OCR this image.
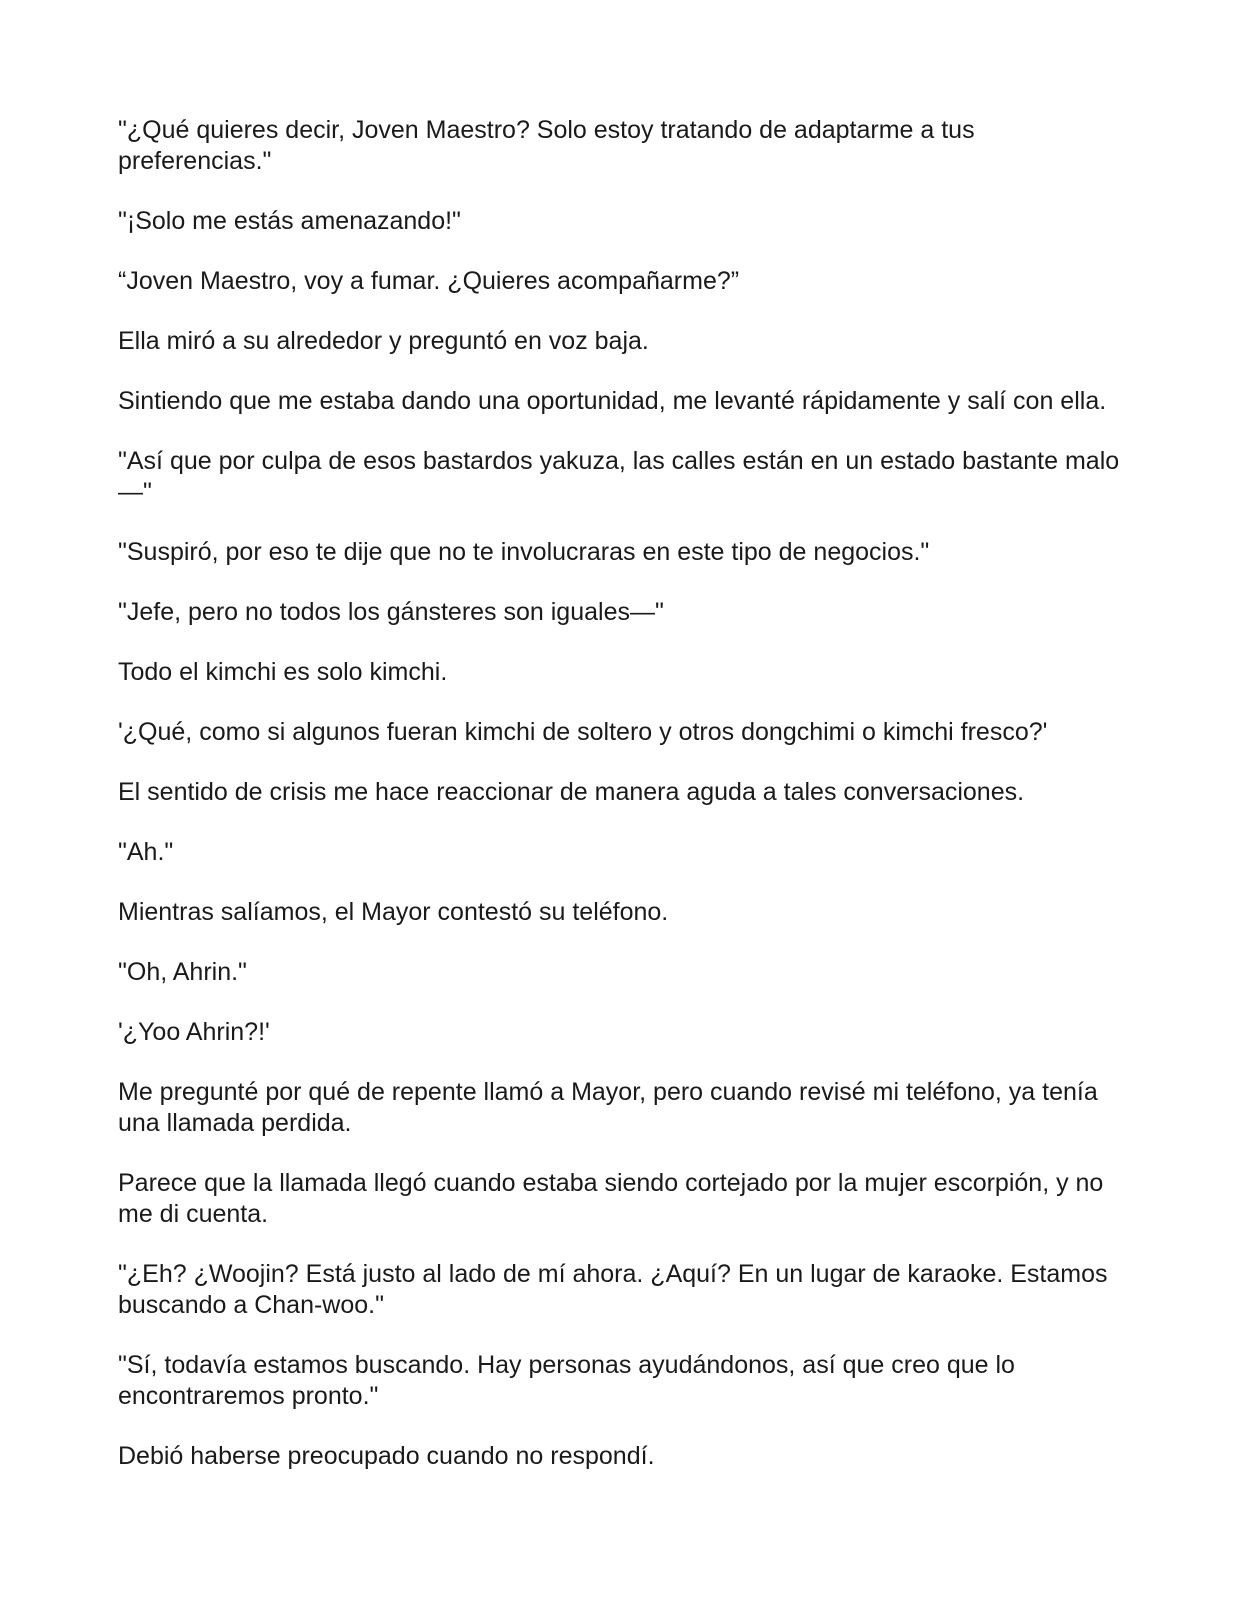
"¿Qué quieres decir, Joven Maestro? Solo estoy tratando de adaptarme a tus preferencias."

"¡Solo me estás amenazando!"

“Joven Maestro, voy a fumar. ¿Quieres acompañarme?”

Ella miró a su alrededor y preguntó en voz baja.

Sintiendo que me estaba dando una oportunidad, me levanté rápidamente y salí con ella.

"Así que por culpa de esos bastardos yakuza, las calles están en un estado bastante malo—"

"Suspiró, por eso te dije que no te involucraras en este tipo de negocios."

"Jefe, pero no todos los gánsteres son iguales—"

Todo el kimchi es solo kimchi.

'¿Qué, como si algunos fueran kimchi de soltero y otros dongchimi o kimchi fresco?'

El sentido de crisis me hace reaccionar de manera aguda a tales conversaciones.

"Ah."

Mientras salíamos, el Mayor contestó su teléfono.

"Oh, Ahrin."

'¿Yoo Ahrin?!'

Me pregunté por qué de repente llamó a Mayor, pero cuando revisé mi teléfono, ya tenía una llamada perdida.

Parece que la llamada llegó cuando estaba siendo cortejado por la mujer escorpión, y no me di cuenta.

"¿Eh? ¿Woojin? Está justo al lado de mí ahora. ¿Aquí? En un lugar de karaoke. Estamos buscando a Chan-woo."

"Sí, todavía estamos buscando. Hay personas ayudándonos, así que creo que lo encontraremos pronto."

Debió haberse preocupado cuando no respondí.
